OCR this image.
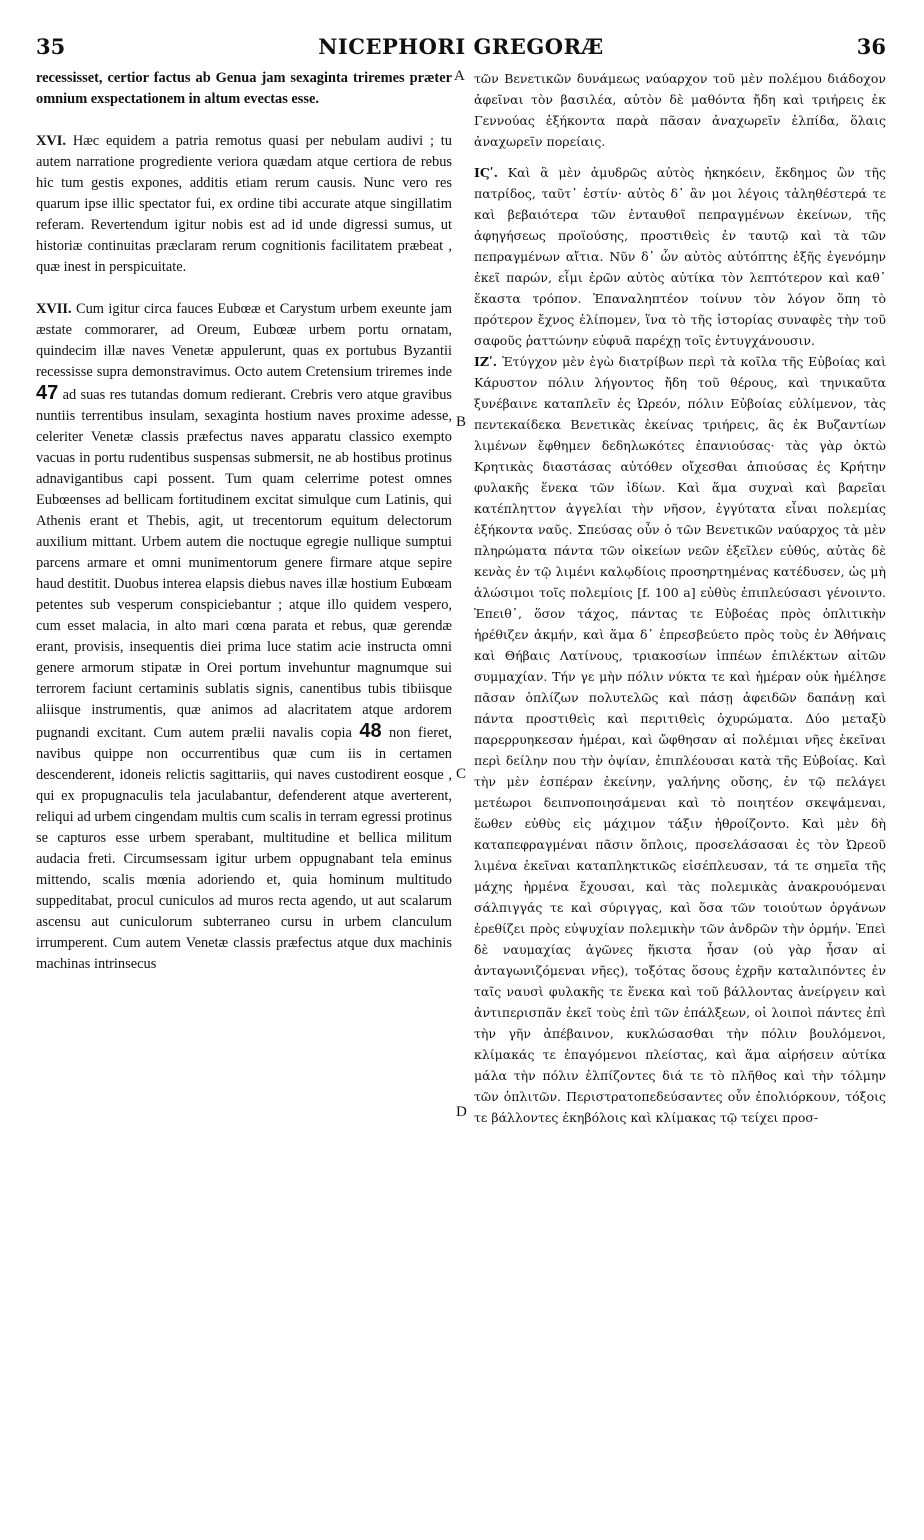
35	NICEPHORI GREGORÆ	36

recessisset, certior factus ab Genua jam sexaginta triremes præter omnium exspectationem in altum evectas esse.

XVI. Hæc equidem a patria remotus quasi per nebulam audivi ; tu autem narratione progrediente veriora quædam atque certiora de rebus hic tum gestis expones, additis etiam rerum causis. Nunc vero res quarum ipse illic spectator fui, ex ordine tibi accurate atque singillatim referam. Revertendum igitur nobis est ad id unde digressi sumus, ut historiæ continuitas præclaram rerum cognitionis facilitatem præbeat , quæ inest in perspicuitate.

XVII. Cum igitur circa fauces Eubœæ et Carystum urbem exeunte jam æstate commorarer, ad Oreum, Eubœæ urbem portu ornatam, quindecim illæ naves Venetæ appulerunt, quas ex portubus Byzantii recessisse supra demonstravimus. Octo autem Cretensium triremes inde 47 ad suas res tutandas domum redierant. Crebris vero atque gravibus nuntiis terrentibus insulam, sexaginta hostium naves proxime adesse, celeriter Venetæ classis præfectus naves apparatu classico exempto vacuas in portu rudentibus suspensas submersit, ne ab hostibus protinus adnavigantibus capi possent. Tum quam celerrime potest omnes Eubœenses ad bellicam fortitudinem excitat simulque cum Latinis, qui Athenis erant et Thebis, agit, ut trecentorum equitum delectorum auxilium mittant. Urbem autem die noctuque egregie nullique sumptui parcens armare et omni munimentorum genere firmare atque sepire haud destitit. Duobus interea elapsis diebus naves illæ hostium Eubœam petentes sub vesperum conspiciebantur ; atque illo quidem vespero, cum esset malacia, in alto mari cœna parata et rebus, quæ gerendæ erant, provisis, insequentis diei prima luce statim acie instructa omni genere armorum stipatæ in Orei portum invehuntur magnumque sui terrorem faciunt certaminis sublatis signis, canentibus tubis tibiisque aliisque instrumentis, quæ animos ad alacritatem atque ardorem pugnandi excitant. Cum autem prælii navalis copia 48 non fieret, navibus quippe non occurrentibus quæ cum iis in certamen descenderent, idoneis relictis sagittariis, qui naves custodirent eosque , qui ex propugnaculis tela jaculabantur, defenderent atque averterent, reliqui ad urbem cingendam multis cum scalis in terram egressi protinus se capturos esse urbem sperabant, multitudine et bellica militum audacia freti. Circumsessam igitur urbem oppugnabant tela eminus mittendo, scalis mœnia adoriendo et, quia hominum multitudo suppeditabat, procul cuniculos ad muros recta agendo, ut aut scalarum ascensu aut cuniculorum subterraneo cursu in urbem clanculum irrumperent. Cum autem Venetæ classis præfectus atque dux machinis machinas intrinsecus

A
B
C
D

τῶν Βενετικῶν δυνάμεως ναύαρχον τοῦ μὲν πολέμου διάδοχον ἀφεῖναι τὸν βασιλέα, αὐτὸν δὲ μαθόντα ἤδη καὶ τριήρεις ἐκ Γεννούας ἑξήκοντα παρὰ πᾶσαν ἀναχωρεῖν ἐλπίδα, ὅλαις ἀναχωρεῖν πορείαις.

ΙϚʹ. Καὶ ἃ μὲν ἀμυδρῶς αὐτὸς ἠκηκόειν, ἔκδημος ὢν τῆς πατρίδος, ταῦτ᾽ ἐστίν· αὐτὸς δ᾽ ἂν μοι λέγοις τἀληθέστερά τε καὶ βεβαιότερα τῶν ἐνταυθοῖ πεπραγμένων ἐκείνων, τῆς ἀφηγήσεως προϊούσης, προστιθεὶς ἐν ταυτῷ καὶ τὰ τῶν πεπραγμένων αἴτια. Νῦν δ᾽ ὧν αὐτὸς αὐτόπτης ἐξῆς ἐγενόμην ἐκεῖ παρών, εἶμι ἐρῶν αὐτὸς αὐτίκα τὸν λεπτότερον καὶ καθ᾽ ἕκαστα τρόπον. Ἐπαναληπτέον τοίνυν τὸν λόγον ὅπη τὸ πρότερον ἔχνος ἐλίπομεν, ἵνα τὸ τῆς ἱστορίας συναφὲς τὴν τοῦ σαφοῦς ῥαττώνην εὐφυᾶ παρέχῃ τοῖς ἐντυγχάνουσιν.

ΙΖʹ. Ἐτύγχον μὲν ἐγὼ διατρίβων περὶ τὰ κοῖλα τῆς Εὐβοίας καὶ Κάρυστον πόλιν λήγοντος ἤδη τοῦ θέρους, καὶ τηνικαῦτα ξυνέβαινε καταπλεῖν ἐς Ὠρεόν, πόλιν Εὐβοίας εὐλίμενον, τὰς πεντεκαίδεκα Βενετικὰς ἐκείνας τριήρεις, ἃς ἐκ Βυζαντίων λιμένων ἔφθημεν δεδηλωκότες ἐπανιούσας· τὰς γὰρ ὀκτὼ Κρητικὰς διαστάσας αὐτόθεν οἴχεσθαι ἀπιούσας ἐς Κρήτην φυλακῆς ἕνεκα τῶν ἰδίων. Καὶ ἅμα συχναὶ καὶ βαρεῖαι κατέπληττον ἀγγελίαι τὴν νῆσον, ἐγγύτατα εἶναι πολεμίας ἑξήκοντα ναῦς. Σπεύσας οὖν ὁ τῶν Βενετικῶν ναύαρχος τὰ μὲν πληρώματα πάντα τῶν οἰκείων νεῶν ἐξεῖλεν εὐθύς, αὐτὰς δὲ κενὰς ἐν τῷ λιμένι καλῳδίοις προσηρτημένας κατέδυσεν, ὡς μὴ ἁλώσιμοι τοῖς πολεμίοις [f. 100 a] εὐθὺς ἐπιπλεύσασι γένοιντο. Ἐπειθ᾽, ὅσον τάχος, πάντας τε Εὐβοέας πρὸς ὁπλιτικὴν ἠρέθιζεν ἀκμήν, καὶ ἅμα δ᾽ ἐπρεσβεύετο πρὸς τοὺς ἐν Ἀθήναις καὶ Θήβαις Λατίνους, τριακοσίων ἱππέων ἐπιλέκτων αἰτῶν συμμαχίαν. Τήν γε μὴν πόλιν νύκτα τε καὶ ἡμέραν οὐκ ἠμέλησε πᾶσαν ὁπλίζων πολυτελῶς καὶ πάσῃ ἀφειδῶν δαπάνῃ καὶ πάντα προστιθεὶς καὶ περιτιθεὶς ὀχυρώματα. Δύο μεταξὺ παρερρυηκεσαν ἡμέραι, καὶ ὤφθησαν αἱ πολέμιαι νῆες ἐκεῖναι περὶ δείλην που τὴν ὀψίαν, ἐπιπλέουσαι κατὰ τῆς Εὐβοίας. Καὶ τὴν μὲν ἑσπέραν ἐκείνην, γαλήνης οὔσης, ἐν τῷ πελάγει μετέωροι δειπνοποιησάμεναι καὶ τὸ ποιητέον σκεψάμεναι, ἕωθεν εὐθὺς εἰς μάχιμον τάξιν ἠθροίζοντο. Καὶ μὲν δὴ καταπεφραγμέναι πᾶσιν ὅπλοις, προσελάσασαι ἐς τὸν Ὠρεοῦ λιμένα ἐκεῖναι καταπληκτικῶς εἰσέπλευσαν, τά τε σημεῖα τῆς μάχης ἠρμένα ἔχουσαι, καὶ τὰς πολεμικὰς ἀνακρουόμεναι σάλπιγγάς τε καὶ σύριγγας, καὶ ὅσα τῶν τοιούτων ὀργάνων ἐρεθίζει πρὸς εὐψυχίαν πολεμικὴν τῶν ἀνδρῶν τὴν ὁρμήν. Ἐπεὶ δὲ ναυμαχίας ἀγῶνες ἥκιστα ἦσαν (οὐ γὰρ ἦσαν αἱ ἀνταγωνιζόμεναι νῆες), τοξότας ὅσους ἐχρῆν καταλιπόντες ἐν ταῖς ναυσὶ φυλακῆς τε ἕνεκα καὶ τοῦ βάλλοντας ἀνείργειν καὶ ἀντιπερισπᾶν ἐκεῖ τοὺς ἐπὶ τῶν ἐπάλξεων, οἱ λοιποὶ πάντες ἐπὶ τὴν γῆν ἀπέβαινον, κυκλώσασθαι τὴν πόλιν βουλόμενοι, κλίμακάς τε ἐπαγόμενοι πλείστας, καὶ ἅμα αἱρήσειν αὐτίκα μάλα τὴν πόλιν ἐλπίζοντες διά τε τὸ πλῆθος καὶ τὴν τόλμην τῶν ὁπλιτῶν. Περιστρατοπεδεύσαντες οὖν ἐπολιόρκουν, τόξοις τε βάλλοντες ἐκηβόλοις καὶ κλίμακας τῷ τείχει προσ-
